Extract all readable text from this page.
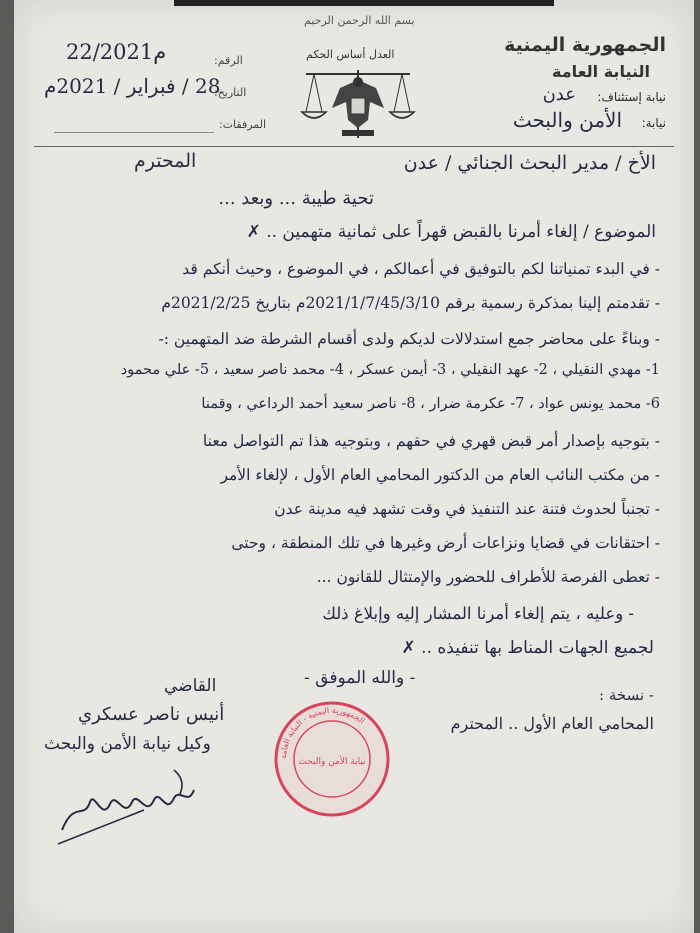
بسم الله الرحمن الرحيم
الجمهورية اليمنية
النيابة العامة
نيابة إستئناف:
عدن
نيابة:
الأمن والبحث
العدل أساس الحكم
الرقم:
22/2021م
التاريخ:
28 / فبراير / 2021م
المرفقات:
الأخ / مدير البحث الجنائي / عدن
المحترم
تحية طيبة ... وبعد ...
الموضوع / إلغاء أمرنا بالقبض قهراً على ثمانية متهمين .. ✗
- في البدء تمنياتنا لكم بالتوفيق في أعمالكم ، في الموضوع ، وحيث أنكم قد
- تقدمتم إلينا بمذكرة رسمية برقم 2021/1/7/45/3/10م بتاريخ 2021/2/25م
- وبناءً على محاضر جمع استدلالات لديكم ولدى أقسام الشرطة ضد المتهمين :-
1- مهدي النقيلي ، 2- عهد النقيلي ، 3- أيمن عسكر ، 4- محمد ناصر سعيد ، 5- علي محمود
6- محمد يونس عواد ، 7- عكرمة ضرار ، 8- ناصر سعيد أحمد الرداعي ، وقمنا
- بتوجيه بإصدار أمر قبض قهري في حقهم ، وبتوجيه هذا تم التواصل معنا
- من مكتب النائب العام من الدكتور المحامي العام الأول ، لإلغاء الأمر
- تجنباً لحدوث فتنة عند التنفيذ في وقت تشهد فيه مدينة عدن
- احتقانات في قضايا ونزاعات أرض وغيرها في تلك المنطقة ، وحتى
- تعطى الفرصة للأطراف للحضور والإمتثال للقانون ...
- وعليه ، يتم إلغاء أمرنا المشار إليه وإبلاغ ذلك
لجميع الجهات المناط بها تنفيذه .. ✗
- والله الموفق -
القاضي
أنيس ناصر عسكري
وكيل نيابة الأمن والبحث
- نسخة :
المحامي العام الأول .. المحترم
الجمهورية اليمنية - النيابة العامة
نيابة الأمن والبحث
